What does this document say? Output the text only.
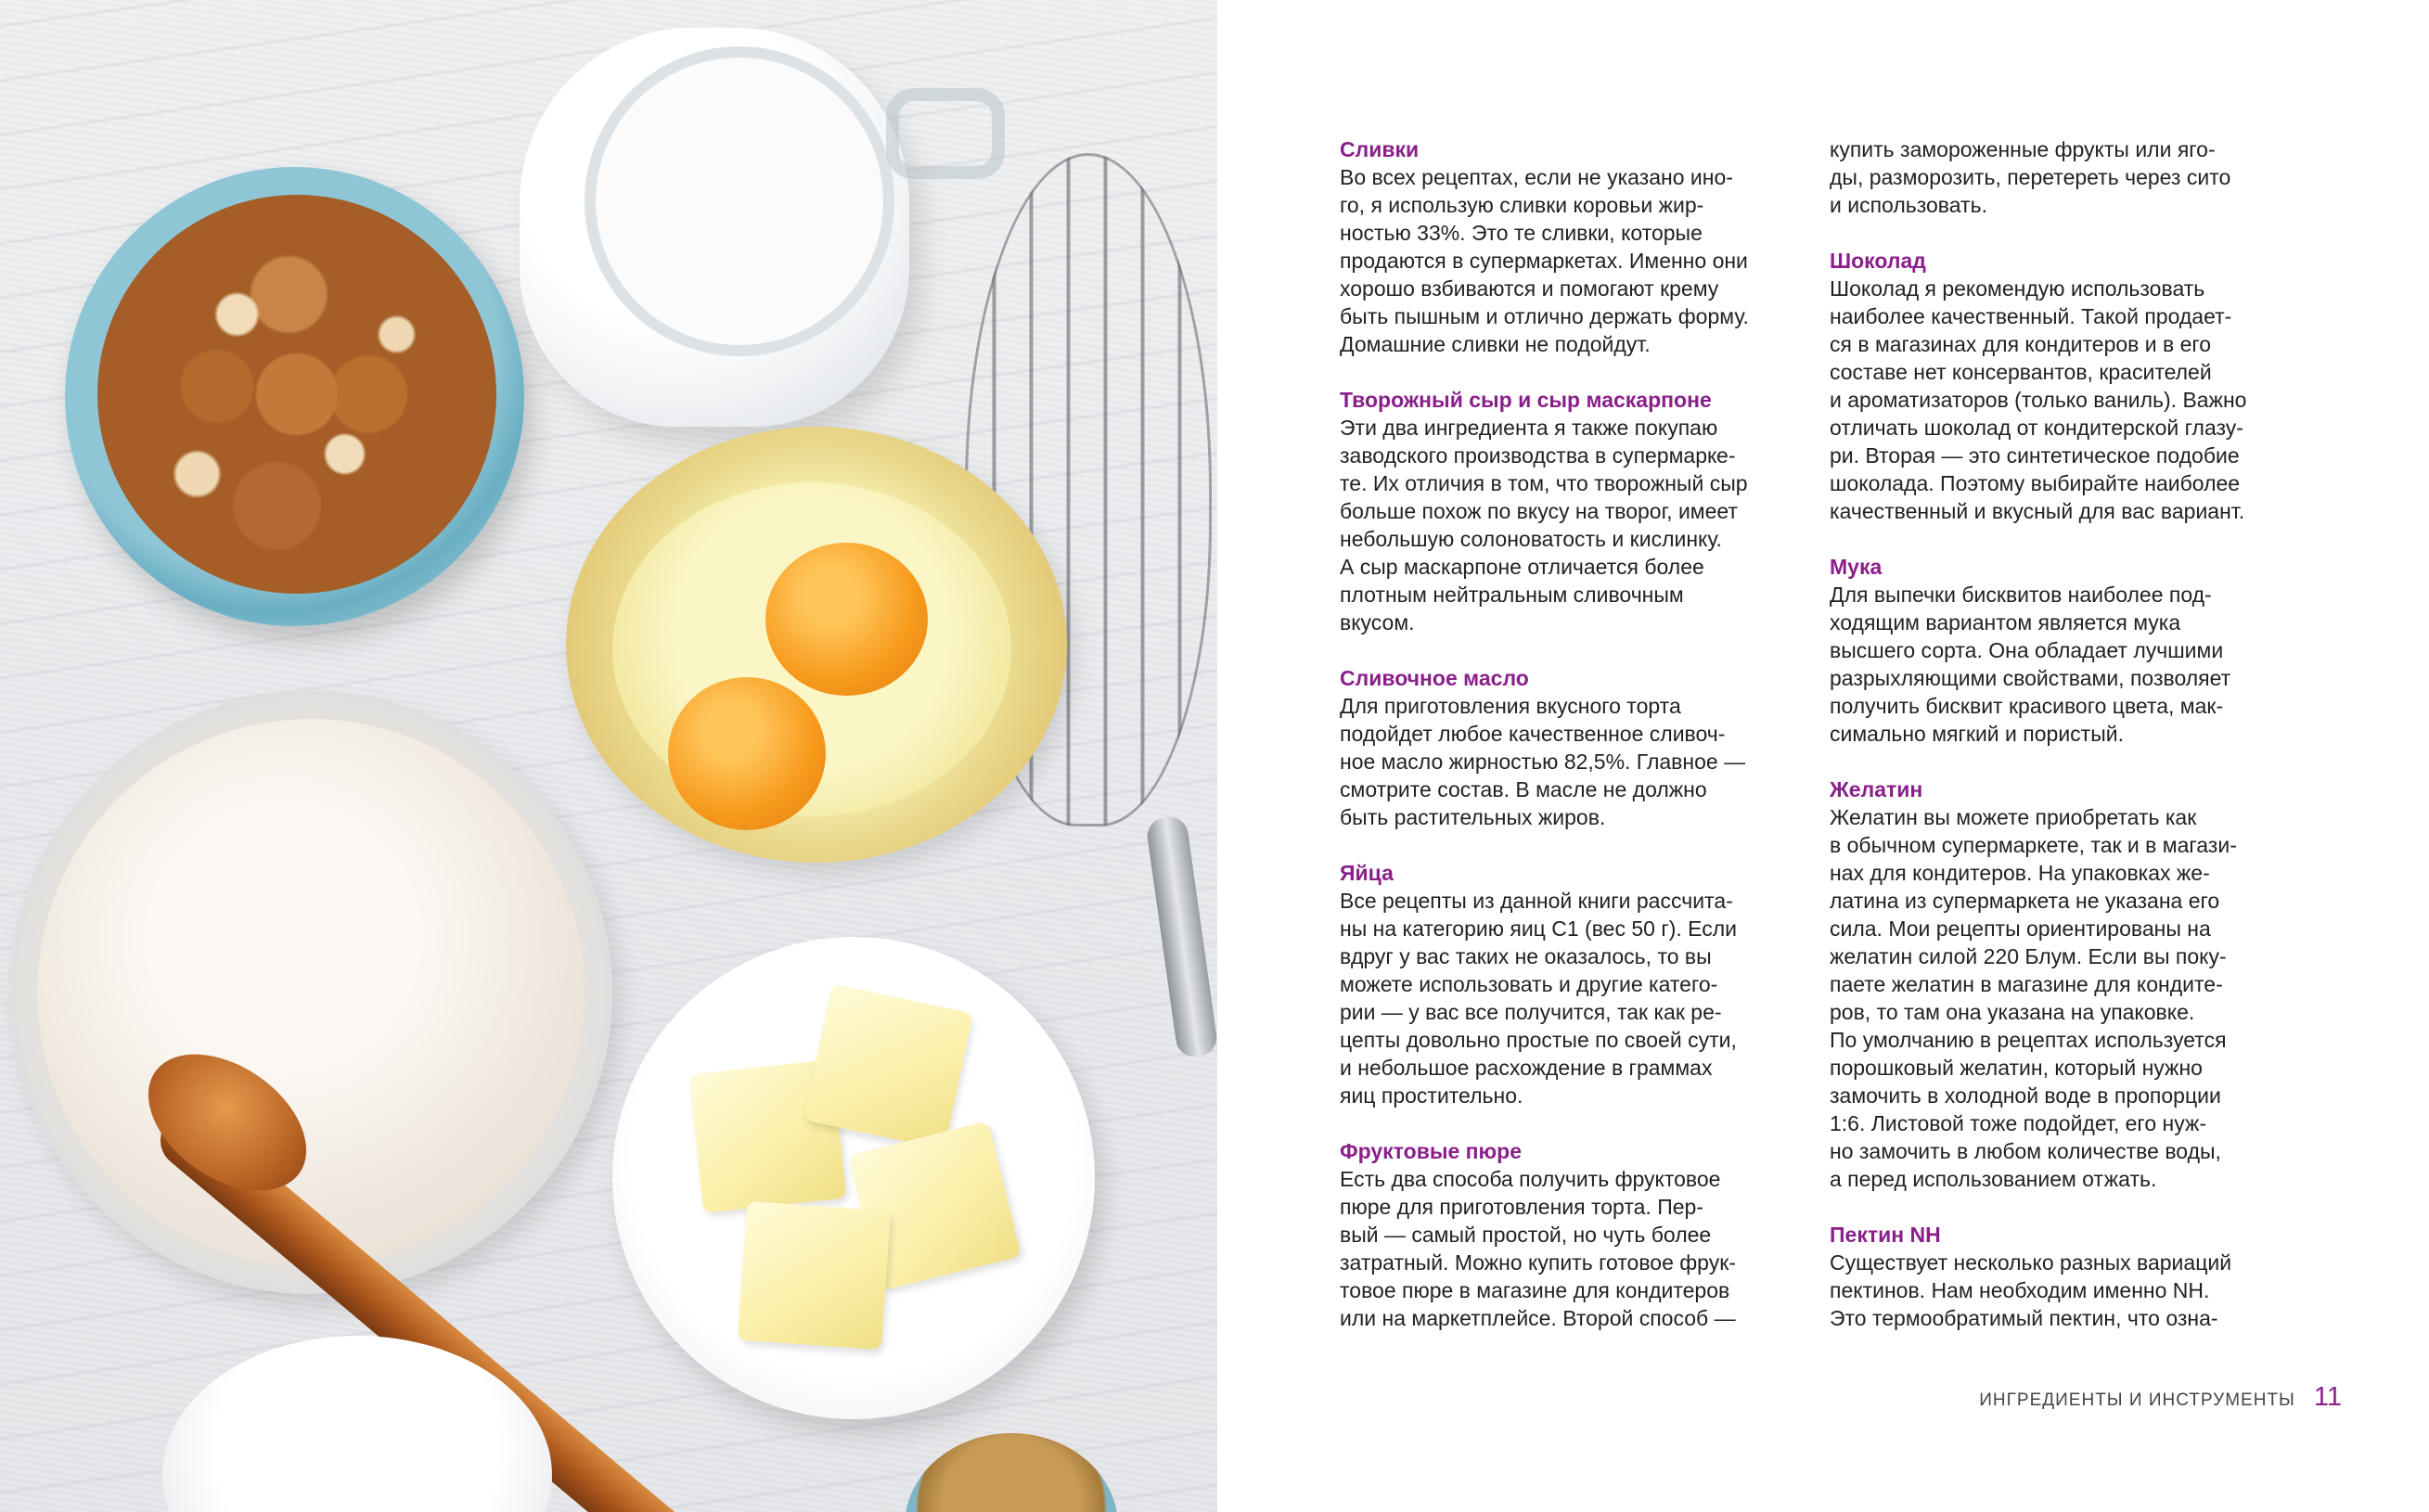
Сливки
Во всех рецептах, если не указано ино-
го, я использую сливки коровьи жир-
ностью 33%. Это те сливки, которые
продаются в супермаркетах. Именно они
хорошо взбиваются и помогают крему
быть пышным и отлично держать форму.
Домашние сливки не подойдут.
Творожный сыр и сыр маскарпоне
Эти два ингредиента я также покупаю
заводского производства в супермаркe-
те. Их отличия в том, что творожный сыр
больше похож по вкусу на творог, имеет
небольшую солоноватость и кислинку.
А сыр маскарпоне отличается более
плотным нейтральным сливочным
вкусом.
Сливочное масло
Для приготовления вкусного торта
подойдет любое качественное сливоч-
ное масло жирностью 82,5%. Главное —
смотрите состав. В масле не должно
быть растительных жиров.
Яйца
Все рецепты из данной книги рассчита-
ны на категорию яиц С1 (вес 50 г). Если
вдруг у вас таких не оказалось, то вы
можете использовать и другие катего-
рии — у вас все получится, так как ре-
цепты довольно простые по своей сути,
и небольшое расхождение в граммах
яиц простительно.
Фруктовые пюре
Есть два способа получить фруктовое
пюре для приготовления торта. Пер-
вый — самый простой, но чуть более
затратный. Можно купить готовое фрук-
товое пюре в магазине для кондитеров
или на маркетплейсе. Второй способ —
купить замороженные фрукты или яго-
ды, разморозить, перетереть через сито
и использовать.
Шоколад
Шоколад я рекомендую использовать
наиболее качественный. Такой продает-
ся в магазинах для кондитеров и в его
составе нет консервантов, красителей
и ароматизаторов (только ваниль). Важно
отличать шоколад от кондитерской глазу-
ри. Вторая — это синтетическое подобие
шоколада. Поэтому выбирайте наиболее
качественный и вкусный для вас вариант.
Мука
Для выпечки бисквитов наиболее под-
ходящим вариантом является мука
высшего сорта. Она обладает лучшими
разрыхляющими свойствами, позволяет
получить бисквит красивого цвета, мак-
симально мягкий и пористый.
Желатин
Желатин вы можете приобретать как
в обычном супермаркете, так и в магази-
нах для кондитеров. На упаковках же-
латина из супермаркета не указана его
сила. Мои рецепты ориентированы на
желатин силой 220 Блум. Если вы поку-
паете желатин в магазине для кондите-
ров, то там она указана на упаковке.
По умолчанию в рецептах используется
порошковый желатин, который нужно
замочить в холодной воде в пропорции
1:6. Листовой тоже подойдет, его нуж-
но замочить в любом количестве воды,
а перед использованием отжать.
Пектин NH
Существует несколько разных вариаций
пектинов. Нам необходим именно NH.
Это термообратимый пектин, что озна-
ИНГРЕДИЕНТЫ И ИНСТРУМЕНТЫ 11
